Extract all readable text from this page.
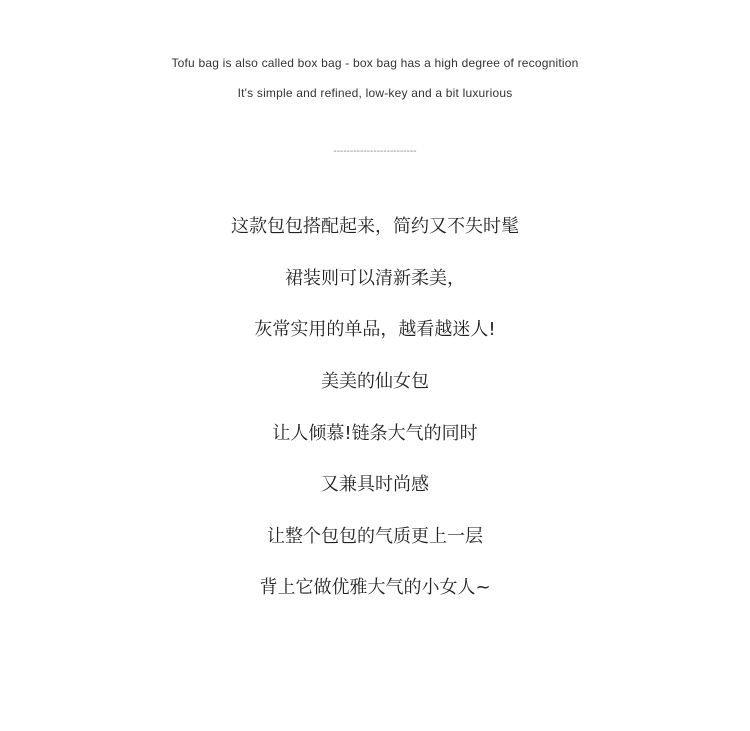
Tofu bag is also called box bag - box bag has a high degree of recognition
It's simple and refined, low-key and a bit luxurious
-------------------------
这款包包搭配起来，简约又不失时髦
裙装则可以清新柔美，
灰常实用的单品，越看越迷人!
美美的仙女包
让人倾慕!链条大气的同时
又兼具时尚感
让整个包包的气质更上一层
背上它做优雅大气的小女人~
